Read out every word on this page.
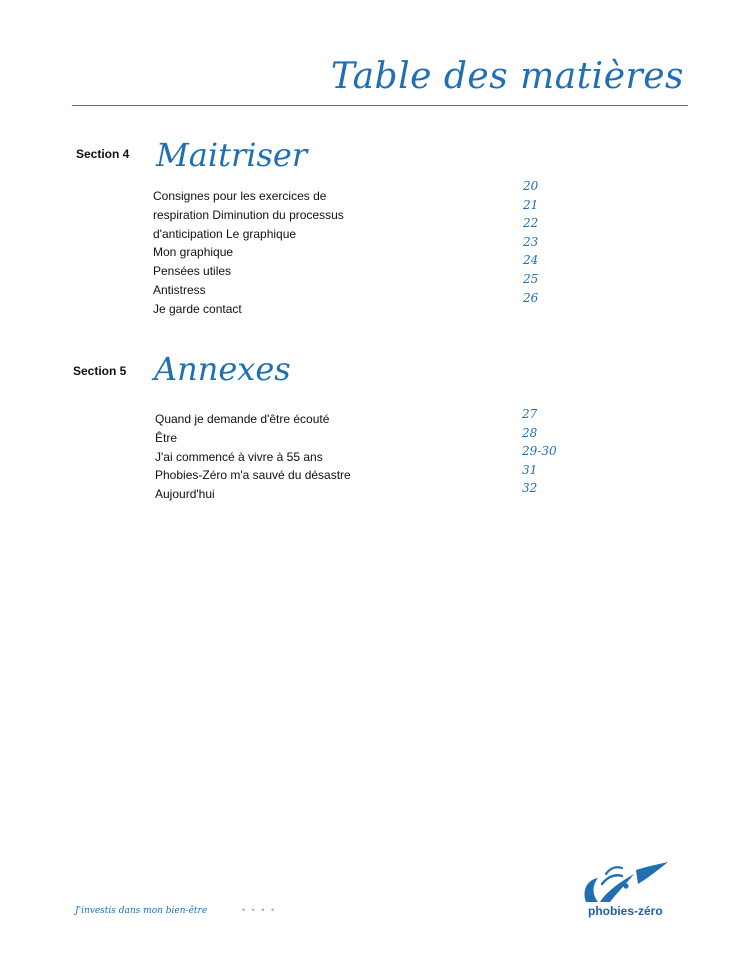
Table des matières
Section 4 Maitriser
Consignes pour les exercices de
respiration Diminution du processus
d'anticipation Le graphique
Mon graphique
Pensées utiles
Antistress
Je garde contact
20
21
22
23
24
25
26
Section 5 Annexes
Quand je demande d'être écouté
Être
J'ai commencé à vivre à 55 ans
Phobies-Zéro m'a sauvé du désastre
Aujourd'hui
27
28
29-30
31
32
J'investis dans mon bien-être	• • • •	phobies-zéro
